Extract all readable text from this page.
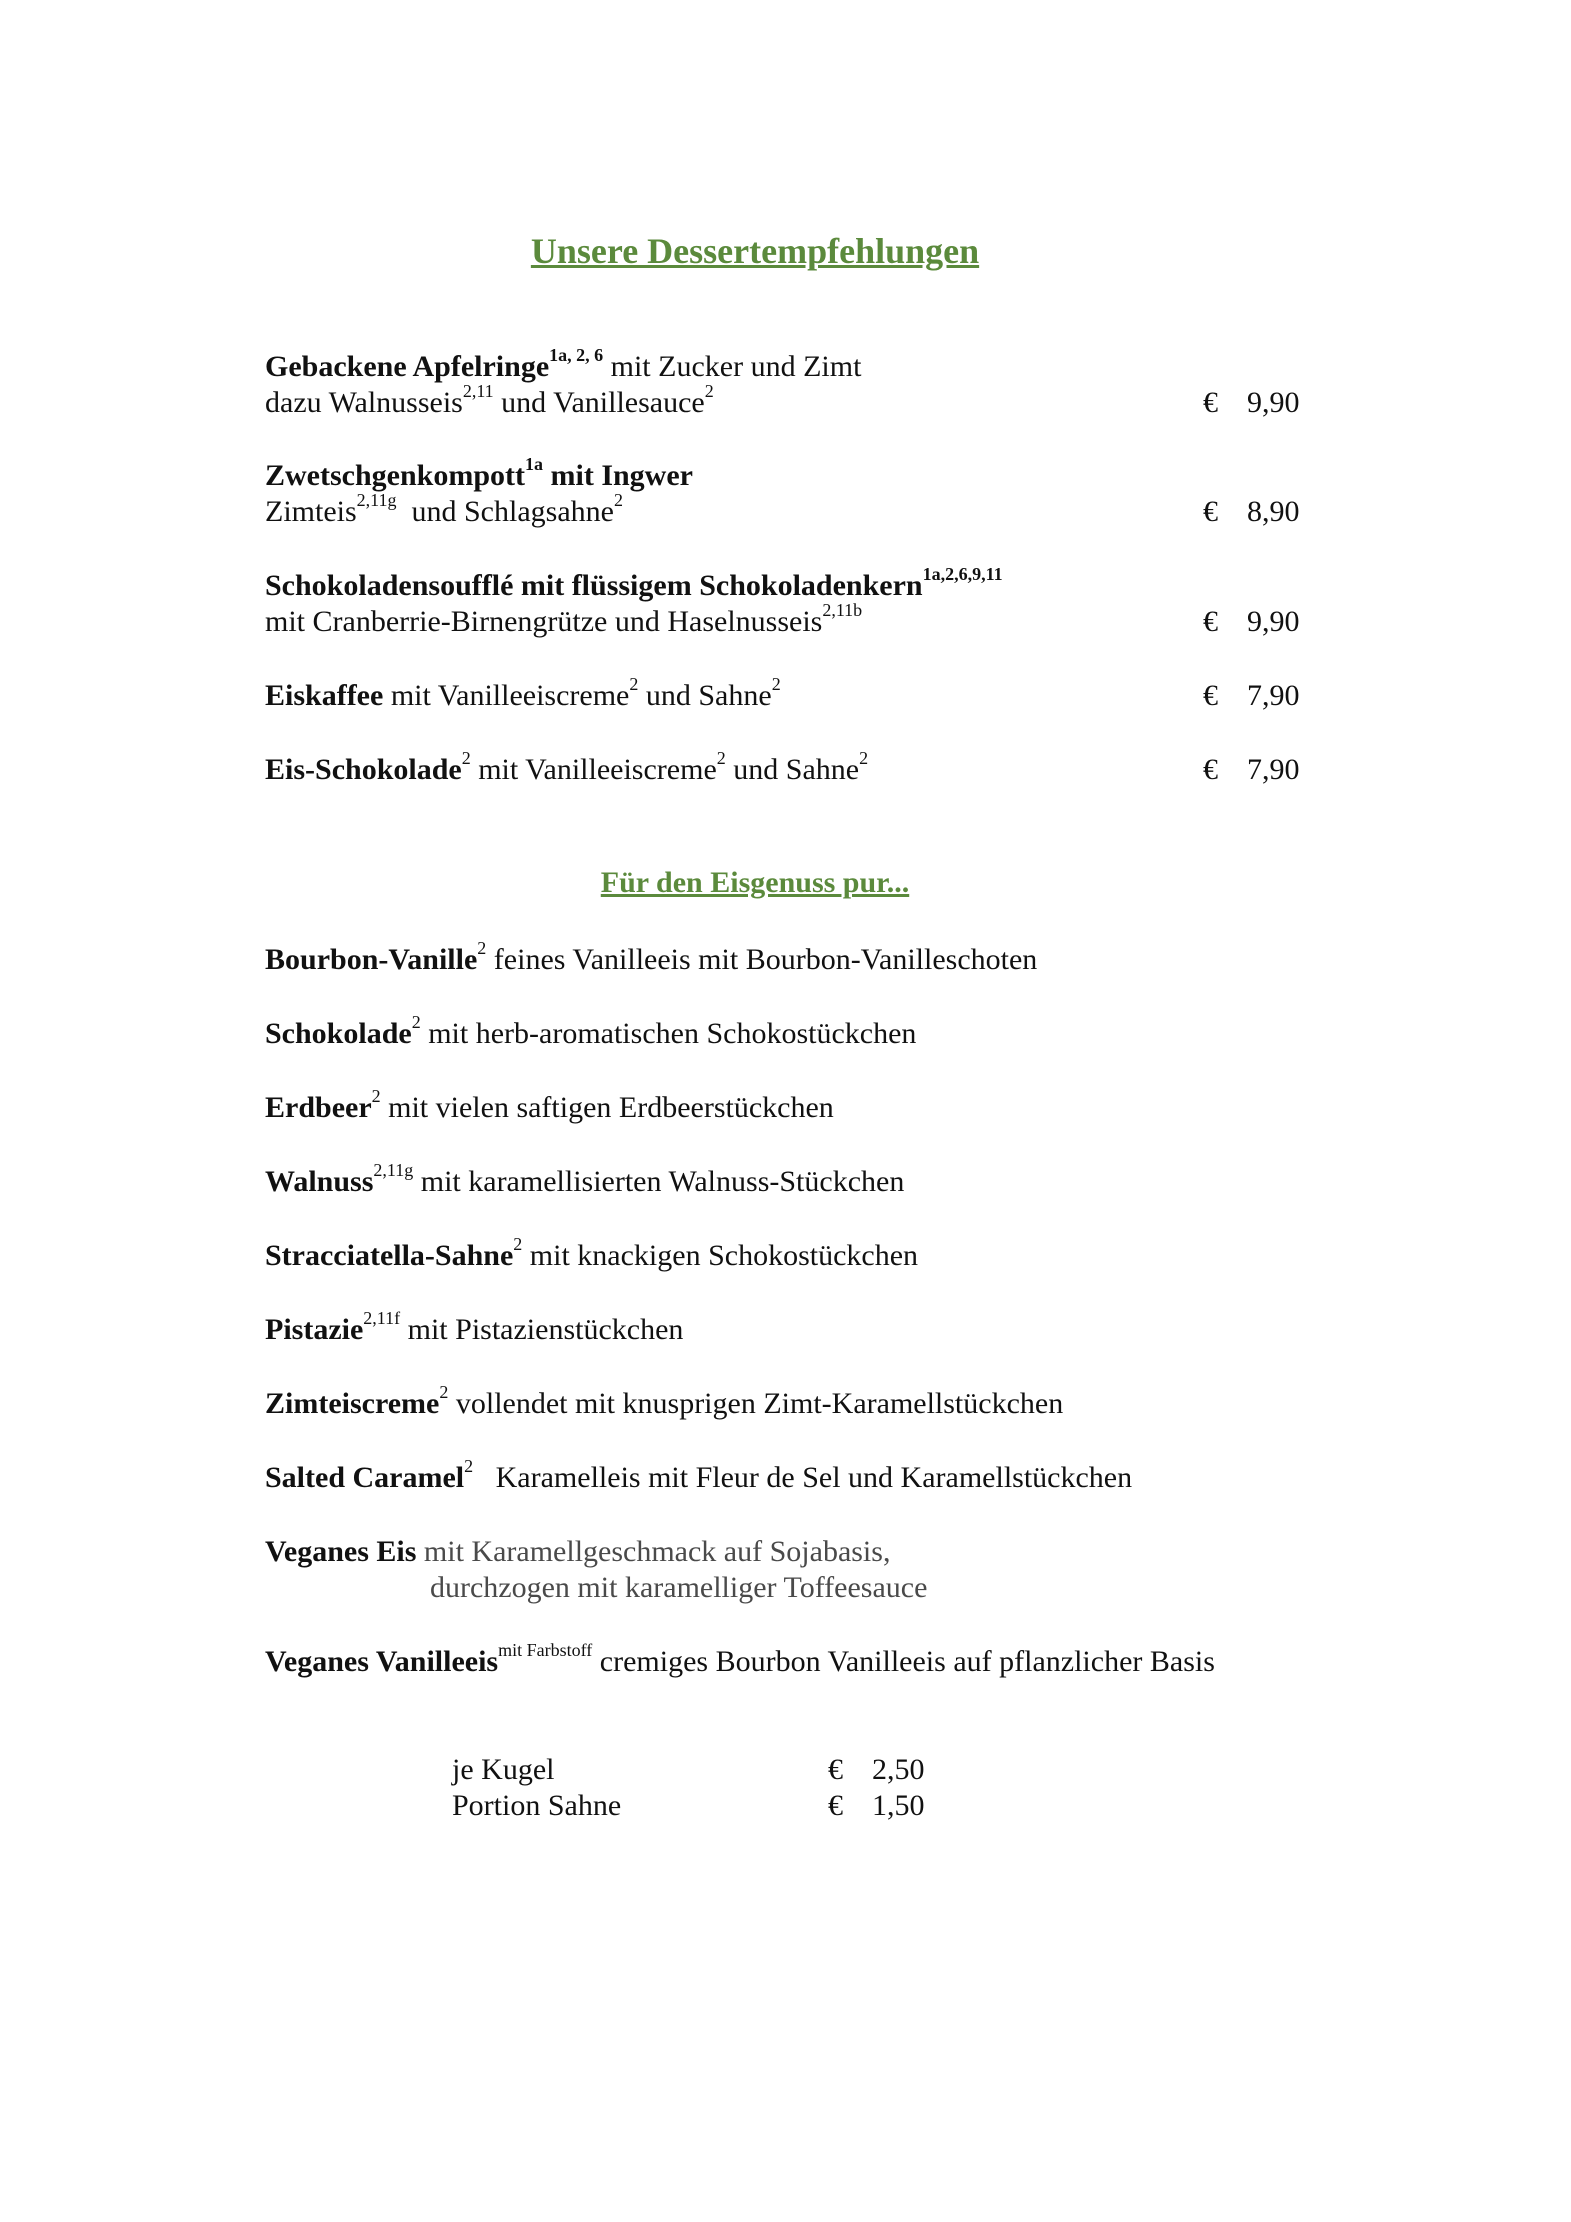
Unsere Dessertempfehlungen
Gebackene Apfelringe$^{1a, 2, 6}$ mit Zucker und Zimt
dazu Walnusseis$^{2,11}$ und Vanillesauce$^2$	€ 9,90
Zwetschgenkompott$^{1a}$ mit Ingwer
Zimteis$^{2,11g}$  und Schlagsahne$^2$	€ 8,90
Schokoladensoufflé mit flüssigem Schokoladenkern$^{1a,2,6,9,11}$
mit Cranberrie-Birnengrütze und Haselnusseis$^{2,11b}$	€ 9,90
Eiskaffee mit Vanilleeiscreme$^2$ und Sahne$^2$	€ 7,90
Eis-Schokolade$^2$ mit Vanilleeiscreme$^2$ und Sahne$^2$	€ 7,90
Für den Eisgenuss pur...
Bourbon-Vanille$^2$ feines Vanilleeis mit Bourbon-Vanilleschoten
Schokolade$^2$ mit herb-aromatischen Schokostückchen
Erdbeer$^2$ mit vielen saftigen Erdbeerstückchen
Walnuss$^{2,11g}$ mit karamellisierten Walnuss-Stückchen
Stracciatella-Sahne$^2$ mit knackigen Schokostückchen
Pistazie$^{2,11f}$ mit Pistazienstückchen
Zimteiscreme$^2$ vollendet mit knusprigen Zimt-Karamellstückchen
Salted Caramel$^2$   Karamelleis mit Fleur de Sel und Karamellstückchen
Veganes Eis mit Karamellgeschmack auf Sojabasis,
durchzogen mit karamelliger Toffeesauce
Veganes Vanilleeis$^{mit Farbstoff}$ cremiges Bourbon Vanilleeis auf pflanzlicher Basis
je Kugel	€ 2,50
Portion Sahne	€ 1,50
